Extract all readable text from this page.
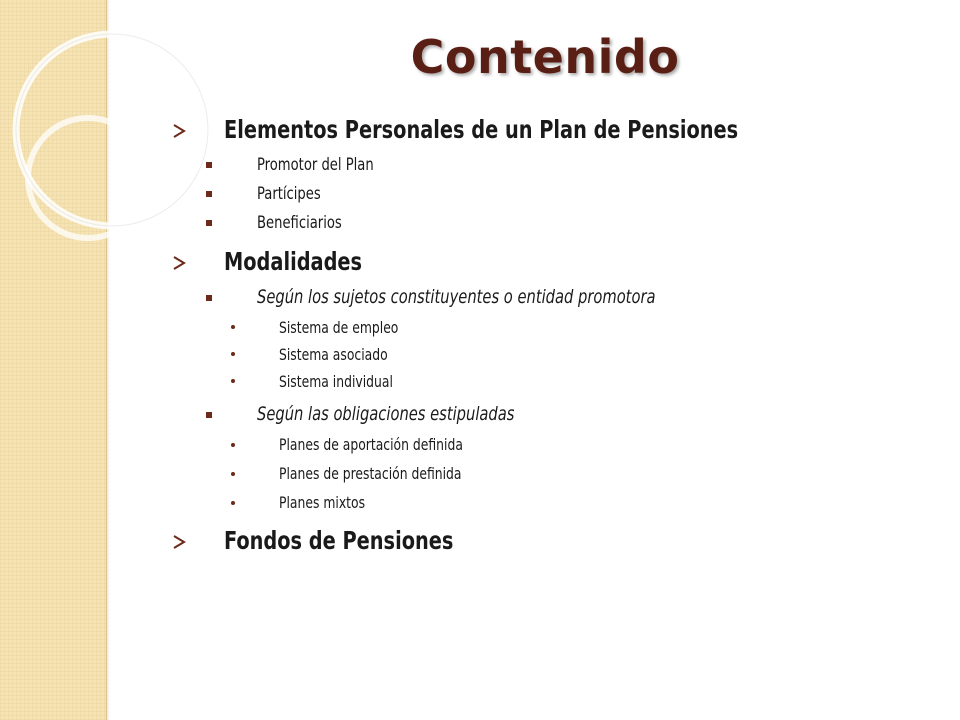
Contenido
Elementos Personales de un Plan de Pensiones
Promotor del Plan
Partícipes
Beneficiarios
Modalidades
Según los sujetos constituyentes o entidad promotora
Sistema de empleo
Sistema asociado
Sistema individual
Según las obligaciones estipuladas
Planes de aportación definida
Planes de prestación definida
Planes mixtos
Fondos de Pensiones
